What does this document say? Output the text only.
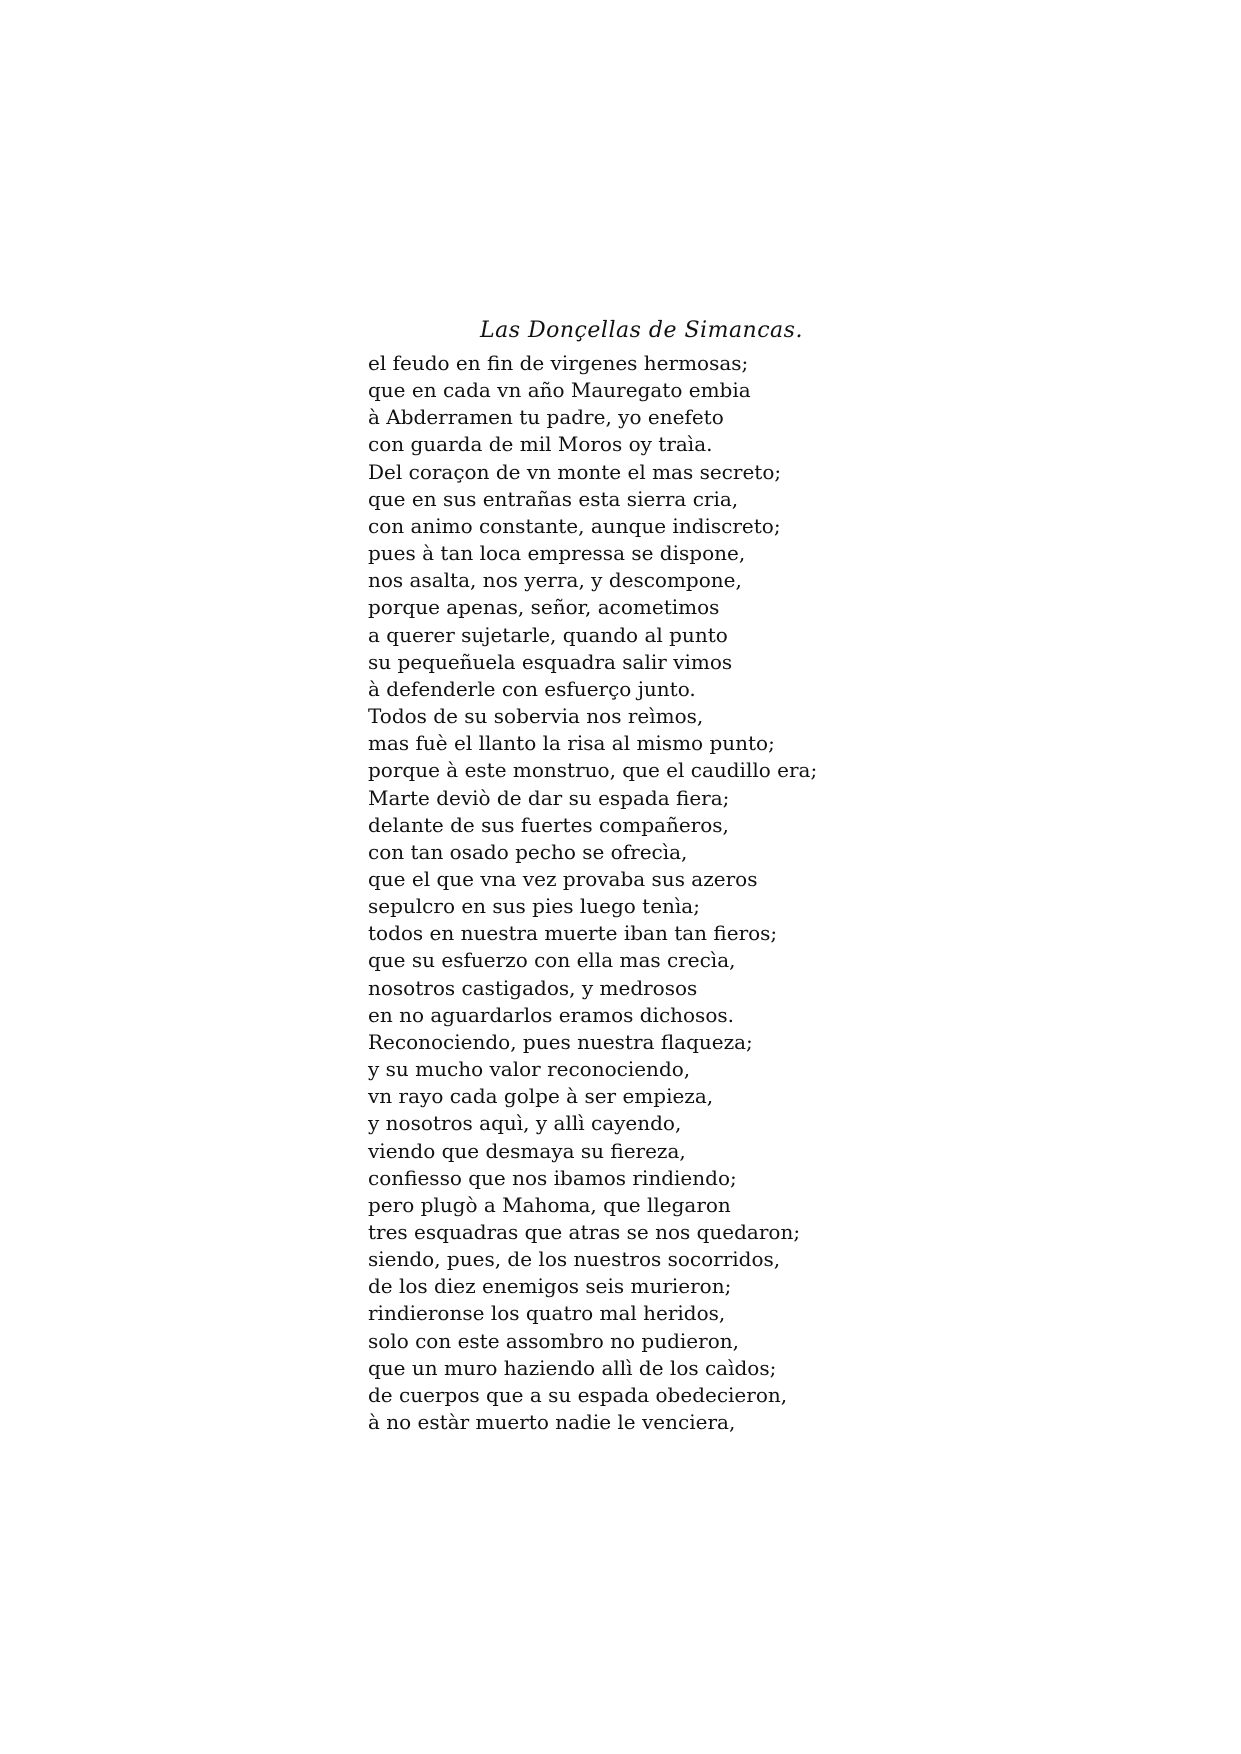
Las Donçellas de Simancas.

el feudo en fin de virgenes hermosas;
que en cada vn año Mauregato embia
à Abderramen tu padre, yo enefeto
con guarda de mil Moros oy traìa.
Del coraçon de vn monte el mas secreto;
que en sus entrañas esta sierra cria,
con animo constante, aunque indiscreto;
pues à tan loca empressa se dispone,
nos asalta, nos yerra, y descompone,
porque apenas, señor, acometimos
a querer sujetarle, quando al punto
su pequeñuela esquadra salir vimos
à defenderle con esfuerço junto.
Todos de su sobervia nos reìmos,
mas fuè el llanto la risa al mismo punto;
porque à este monstruo, que el caudillo era;
Marte deviò de dar su espada fiera;
delante de sus fuertes compañeros,
con tan osado pecho se ofrecìa,
que el que vna vez provaba sus azeros
sepulcro en sus pies luego tenìa;
todos en nuestra muerte iban tan fieros;
que su esfuerzo con ella mas crecìa,
nosotros castigados, y medrosos
en no aguardarlos eramos dichosos.
Reconociendo, pues nuestra flaqueza;
y su mucho valor reconociendo,
vn rayo cada golpe à ser empieza,
y nosotros aquì, y allì cayendo,
viendo que desmaya su fiereza,
confiesso que nos ibamos rindiendo;
pero plugò a Mahoma, que llegaron
tres esquadras que atras se nos quedaron;
siendo, pues, de los nuestros socorridos,
de los diez enemigos seis murieron;
rindieronse los quatro mal heridos,
solo con este assombro no pudieron,
que un muro haziendo allì de los caìdos;
de cuerpos que a su espada obedecieron,
à no estàr muerto nadie le venciera,
